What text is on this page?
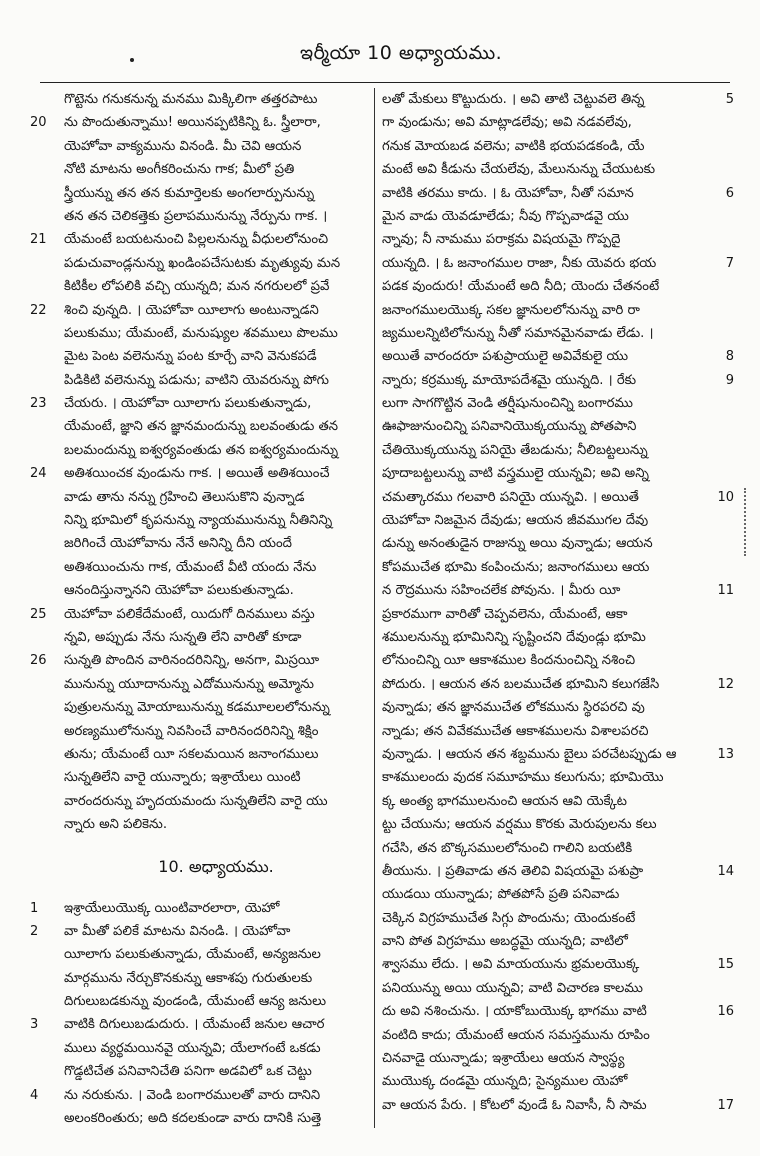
ఇర్మీయా 10 అధ్యాయము.
గొట్టెను గనుకనున్న మనము మిక్కిలిగా తత్తరపాటు
20	ను పొందుతున్నాము! అయినప్పటికిన్ని ఓ. స్త్రీలారా,
యెహోవా వాక్యమును వినండి. మీ చెవి ఆయన
నోటి మాటను అంగీకరించును గాక; మీలో ప్రతి
స్త్రీయున్ను తన తన కుమార్తెలకు అంగలార్పునున్ను
తన తన చెలికత్తెకు ప్రలాపమునున్ను నేర్పును గాక. ।
21	యేమంటే బయటనుంచి పిల్లలనున్ను వీధులలోనుంచి
పడుచువాండ్లనున్ను ఖండింపచేసుటకు మృత్యువు మన
కిటికీల లోపలికి వచ్చి యున్నది; మన నగరులలో ప్రవే
22	శించి వున్నది. । యెహోవా యీలాగు అంటున్నాడని
పలుకుము; యేమంటే, మనుష్యుల శవములు పొలము
మైట పెంట వలెనున్ను పంట కూర్చే వాని వెనుకపడే
పిడికిటి వలెనున్ను పడును; వాటిని యెవరున్ను పోగు
23	చేయరు. । యెహోవా యీలాగు పలుకుతున్నాడు,
యేమంటే, జ్ఞాని తన జ్ఞానమందున్ను బలవంతుడు తన
బలమందున్ను ఐశ్వర్యవంతుడు తన ఐశ్వర్యమందున్ను
24	అతిశయించక వుండును గాక. । అయితే అతిశయించే
వాడు తాను నన్ను గ్రహించి తెలుసుకొని వున్నాడ
నిన్ని భూమిలో కృపనున్ను న్యాయమునున్ను నీతినిన్ని
జరిగించే యెహోవాను నేనే అనిన్ని దీని యందే
అతిశయించును గాక, యేమంటే వీటి యందు నేను
ఆనందిస్తున్నానని యెహోవా పలుకుతున్నాడు.
25	యెహోవా పలికేదేమంటే, యిదుగో దినములు వస్తు
న్నవి, అప్పుడు నేను సున్నతి లేని వారితో కూడా
26	సున్నతి పొందిన వారినందరినిన్ని, అనగా, మిస్రయీ
మునున్ను యూదానున్ను ఎదోమునున్ను అమ్మోను
పుత్రులనున్ను మోయాబునున్ను కడమూలలలోనున్ను
అరణ్యములోనున్ను నివసించే వారినందరినిన్ని శిక్షిం
తును; యేమంటే యీ సకలమయిన జనాంగములు
సున్నతిలేని వారై యున్నారు; ఇశ్రాయేలు యింటి
వారందరున్ను హృదయమందు సున్నతిలేని వారై యు
న్నారు అని పలికెను.
10. అధ్యాయము.
1	ఇశ్రాయేలుయొక్క యింటివారలారా, యెహో
2	వా మీతో పలికే మాటను వినండి. । యెహోవా
యీలాగు పలుకుతున్నాడు, యేమంటే, అన్యజనుల
మార్గమును నేర్చుకొనకున్ను ఆకాశపు గురుతులకు
దిగులుబడకున్ను వుండండి, యేమంటే ఆన్య జనులు
3	వాటికి దిగులుబడుదురు. । యేమంటే జనుల ఆచార
ములు వ్యర్థమయినవై యున్నవి; యేలాగంటే ఒకడు
గొడ్డటిచేత పనివానిచేతి పనిగా అడవిలో ఒక చెట్టు
4	ను నరుకును. । వెండి బంగారములతో వారు దానిని
అలంకరింతురు; అది కదలకుండా వారు దానికి సుత్తె
5
లతో మేకులు కొట్టుదురు. । అవి తాటి చెట్టువలె తిన్న
గా వుండును; అవి మాట్లాడలేవు; అవి నడవలేవు,
గనుక మోయబడ వలెను; వాటికి భయపడకండి, యే
మంటే అవి కీడును చేయలేవు, మేలునున్ను చేయుటకు
6
వాటికి తరము కాదు. । ఓ యెహోవా, నీతో సమాన
మైన వాడు యెవడూలేడు; నీవు గొప్పవాడవై యు
న్నావు; నీ నామము పరాక్రమ విషయమై గొప్పదై
7
యున్నది. । ఓ జనాంగముల రాజా, నీకు యెవరు భయ
పడక వుందురు! యేమంటే అది నీది; యెందు చేతనంటే
జనాంగములయొక్క సకల జ్ఞానులలోనున్ను వారి రా
జ్యములన్నిటిలోనున్ను నీతో సమానమైనవాడు లేడు. ।
8
అయితే వారందరూ పశుప్రాయులై అవివేకులై యు
9
న్నారు; కర్రముక్క మాయోపదేశమై యున్నది. । రేకు
లుగా సాగగొట్టిన వెండి తర్షీషునుంచిన్ని బంగారము
ఊఫాజునుంచిన్ని పనివానియొక్కయున్ను పోతపాని
చేతియొక్కయున్ను పనియై తేబడును; నీలిబట్టలున్ను
పూదాబట్టలున్ను వాటి వస్త్రములై యున్నవి; అవి అన్ని
10
చమత్కారము గలవారి పనియై యున్నవి. । అయితే
యెహోవా నిజమైన దేవుడు; ఆయన జీవముగల దేవు
డున్ను అనంతుడైన రాజున్ను అయి వున్నాడు; ఆయన
కోపముచేత భూమి కంపించును; జనాంగములు ఆయ
11
న రౌద్రమును సహించలేక పోవును. । మీరు యీ
ప్రకారముగా వారితో చెప్పవలెను, యేమంటే, ఆకా
శములనున్ను భూమినిన్ని సృష్టించని దేవుండ్లు భూమి
లోనుంచిన్ని యీ ఆకాశముల కిందనుంచిన్ని నశించి
12
పోదురు. । ఆయన తన బలముచేత భూమిని కలుగజేసి
వున్నాడు; తన జ్ఞానముచేత లోకమును స్థిరపరచి వు
న్నాడు; తన వివేకముచేత ఆకాశములను విశాలపరచి
13
వున్నాడు. । ఆయన తన శబ్దమును బైలు పరచేటప్పుడు ఆ
కాశములందు వుదక సమూహము కలుగును; భూమియొ
క్క అంత్య భాగములనుంచి ఆయన ఆవి యెక్కేట
ట్టు చేయును; ఆయన వర్షము కొరకు మెరుపులను కలు
గచేసి, తన బొక్కసములలోనుంచి గాలిని బయటికి
14
తీయును. । ప్రతివాడు తన తెలివి విషయమై పశుప్రా
యుడయి యున్నాడు; పోతపోసే ప్రతి పనివాడు
చెక్కిన విగ్రహముచేత సిగ్గు పొందును; యెందుకంటే
వాని పోత విగ్రహము అబద్ధమై యున్నది; వాటిలో
15
శ్వాసము లేదు. । అవి మాయయును భ్రమలయొక్క
పనియున్ను అయి యున్నవి; వాటి విచారణ కాలము
16
దు అవి నశించును. । యాకోబుయొక్క భాగము వాటి
వంటిది కాదు; యేమంటే ఆయన సమస్తమును రూపిం
చినవాడై యున్నాడు; ఇశ్రాయేలు ఆయన స్వాస్థ్య
ముయొక్క దండమై యున్నది; సైన్యముల యెహో
17
వా ఆయన పేరు. । కోటలో వుండే ఓ నివాసీ, నీ సామ
